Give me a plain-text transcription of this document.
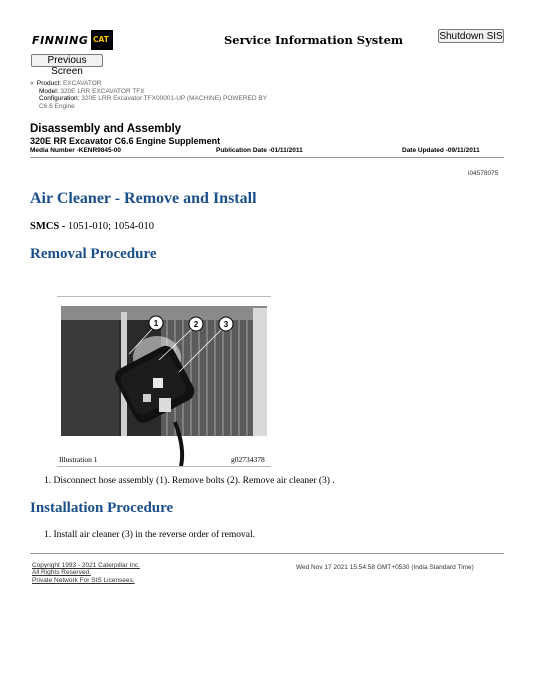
FINNING CAT	Service Information System	Shutdown SIS
Previous Screen
« Product: EXCAVATOR
Model: 320E LRR EXCAVATOR TFX
Configuration: 320E LRR Excavator TFX00001-UP (MACHINE) POWERED BY
C6.6 Engine
Disassembly and Assembly
320E RR Excavator C6.6 Engine Supplement
Media Number -KENR9845-00	Publication Date -01/11/2011	Date Updated -09/11/2011
i04578075
Air Cleaner - Remove and Install
SMCS - 1051-010; 1054-010
Removal Procedure
1	2	3
Illustration 1	g02734378
1. Disconnect hose assembly (1). Remove bolts (2). Remove air cleaner (3) .
Installation Procedure
1. Install air cleaner (3) in the reverse order of removal.
Copyright 1993 - 2021 Caterpillar Inc.
All Rights Reserved.
Private Network For SIS Licensees.
Wed Nov 17 2021 15:54:58 GMT+0530 (India Standard Time)
